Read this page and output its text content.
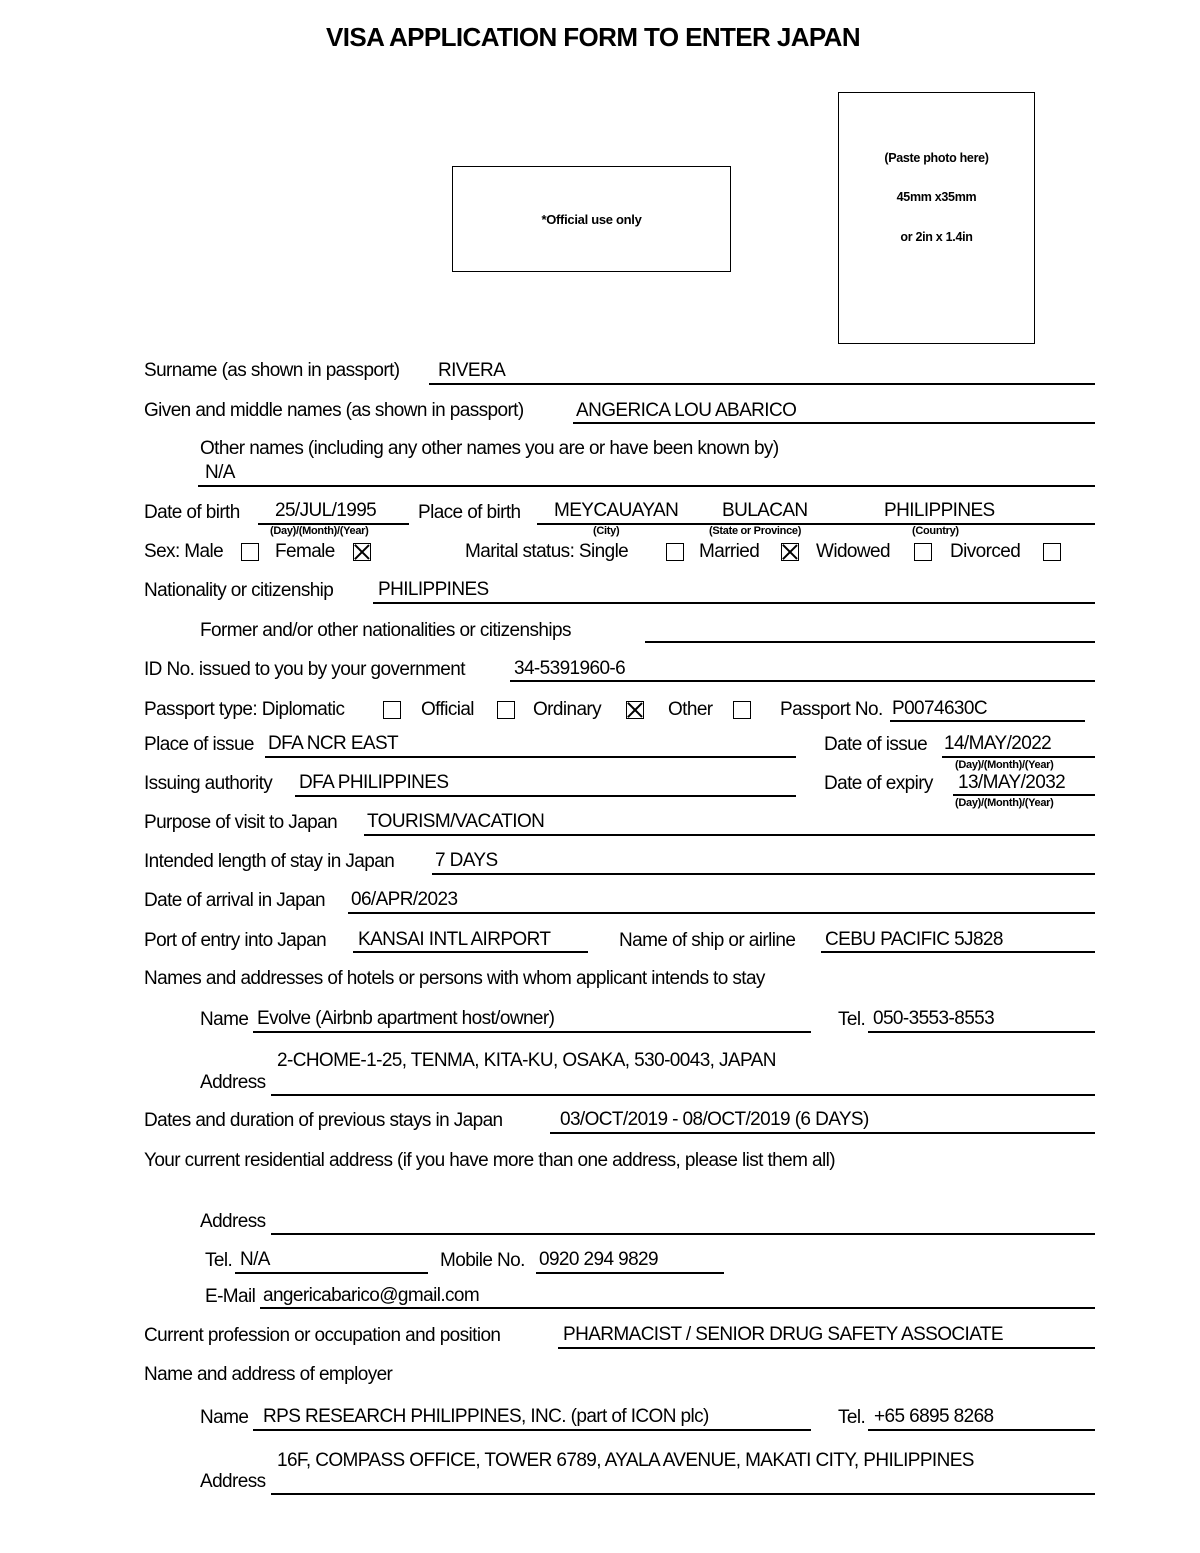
VISA APPLICATION FORM TO ENTER JAPAN
*Official use only
(Paste photo here)
45mm x35mm
or 2in x 1.4in
Surname (as shown in passport) RIVERA
Given and middle names (as shown in passport)	ANGERICA LOU ABARICO
Other names (including any other names you are or have been known by)
N/A
Date of birth 25/JUL/1995
(Day)/(Month)/(Year)
Place of birth MEYCAUAYAN BULACAN	PHILIPPINES
(City)	(State or Province)	(Country)
Sex: Male	Female	Marital status: Single	Married	Widowed	Divorced
Nationality or citizenship PHILIPPINES
Former and/or other nationalities or citizenships
ID No. issued to you by your government	34-5391960-6
Passport type: Diplomatic	Official	Ordinary	Other	Passport No. P0074630C
Place of issue DFA NCR EAST	Date of issue 14/MAY/2022
(Day)/(Month)/(Year)
Issuing authority DFA PHILIPPINES	Date of expiry 13/MAY/2032
(Day)/(Month)/(Year)
Purpose of visit to Japan TOURISM/VACATION
Intended length of stay in Japan 7 DAYS
Date of arrival in Japan 06/APR/2023
Port of entry into Japan KANSAI INTL AIRPORT	Name of ship or airline CEBU PACIFIC 5J828
Names and addresses of hotels or persons with whom applicant intends to stay
Name Evolve (Airbnb apartment host/owner)	Tel. 050-3553-8553
2-CHOME-1-25, TENMA, KITA-KU, OSAKA, 530-0043, JAPAN
Address
Dates and duration of previous stays in Japan	03/OCT/2019 - 08/OCT/2019 (6 DAYS)
Your current residential address (if you have more than one address, please list them all)
Address
Tel. N/A	Mobile No. 0920 294 9829
E-Mail angericabarico@gmail.com
Current profession or occupation and position	PHARMACIST / SENIOR DRUG SAFETY ASSOCIATE
Name and address of employer
Name RPS RESEARCH PHILIPPINES, INC. (part of ICON plc)	Tel. +65 6895 8268
16F, COMPASS OFFICE, TOWER 6789, AYALA AVENUE, MAKATI CITY, PHILIPPINES
Address
